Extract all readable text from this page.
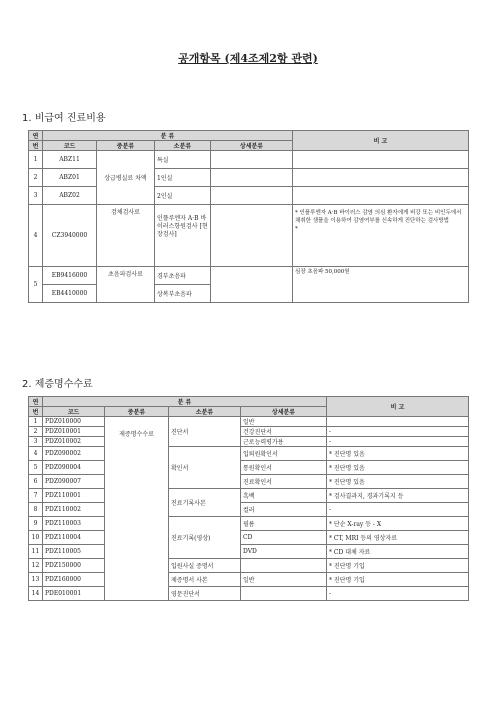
공개항목 (제4조제2항 관련)
1. 비급여 진료비용
연	분 류				비 고
번	코드	중분류	소분류	상세분류	
1	ABZ11	상급병실료 차액	특실		
2	ABZ01		1인실		
3	ABZ02		2인실		
4	CZ3940000	검체검사료	인플루엔자 A·B 바이러스항원검사 [현장검사]		* 인플루엔자 A·B 바이러스 감염 의심 환자에게 비강 또는 비인두에서 채취한 샘플을 이용하여 감염여부를 신속하게 진단하는 검사방법
*

5	EB9416000	초음파검사료	경부초음파		심장 초음파 50,000원
	EB4410000		상복부초음파		
2. 제증명수수료
연	분 류				비 고
번	코드	중분류	소분류	상세분류	
1	PDZ010000	제증명수수료	진단서	일반	
2	PDZ010001			건강진단서	-
3	PDZ010002			근로능력평가용	-
4	PDZ090002		확인서	입퇴원확인서	* 진단명 있음
5	PDZ090004			통원확인서	* 진단명 있음
6	PDZ090007			진료확인서	* 진단명 있음
7	PDZ110001		진료기록사본	흑백	* 검사결과지, 경과기록지 등
8	PDZ110002			컬러	-
9	PDZ110003		진료기록(영상)	필름	* 단순 X-ray 등 - X
10	PDZ110004			CD	* CT, MRI 등의 영상자료
11	PDZ110005			DVD	* CD 대체 자료
12	PDZ150000		입원사실 증명서		* 진단명 기입
13	PDZ160000		제증명서 사본	일반	* 진단명 기입
14	PDE010001		영문진단서		-
